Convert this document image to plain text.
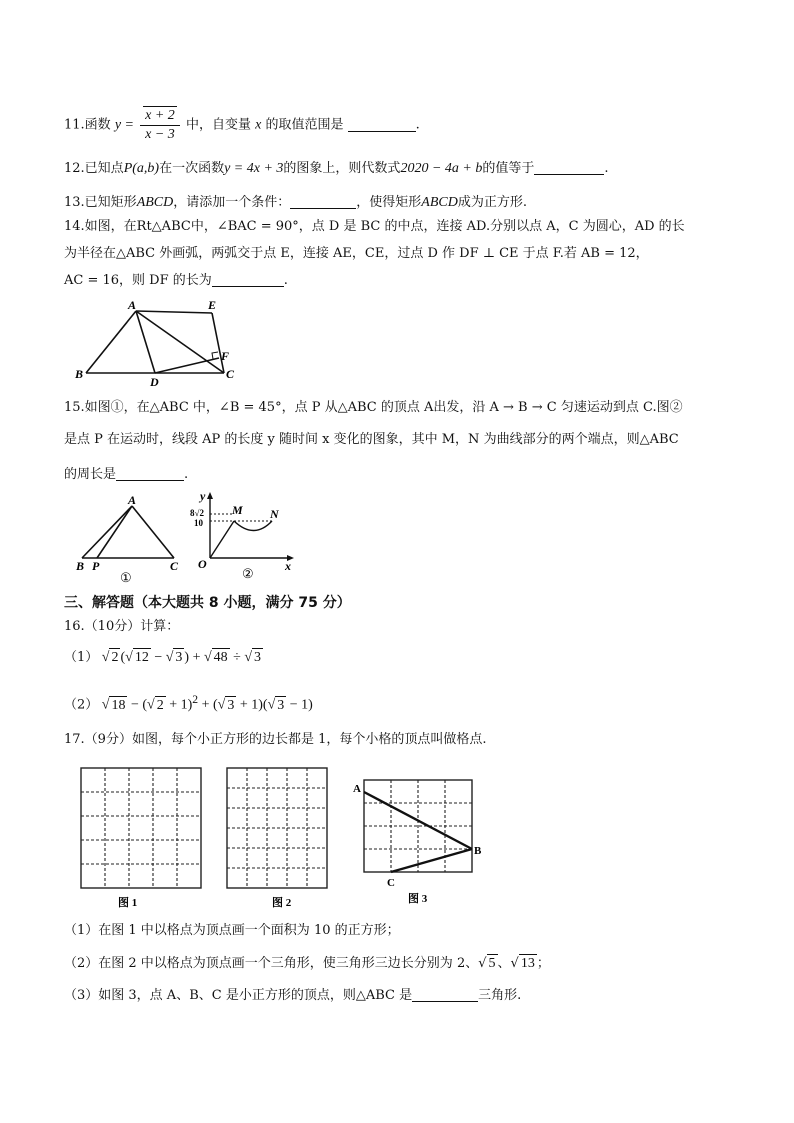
11.函数 $y = \frac{x + 2}{x - 3}$ 中，自变量 x 的取值范围是	.
12.已知点P(a,b)在一次函数y = 4x + 3的图象上，则代数式2020 − 4a + b的值等于	.
13.已知矩形ABCD，请添加一个条件：	，使得矩形ABCD成为正方形.
14.如图，在Rt△ABC中，∠BAC = 90°，点 D 是 BC 的中点，连接 AD.分别以点 A，C 为圆心，AD 的长
为半径在△ABC 外画弧，两弧交于点 E，连接 AE，CE，过点 D 作 DF ⊥ CE 于点 F.若 AB = 12，
AC = 16，则 DF 的长为	.
A	E
F
B
D
C
15.如图①，在△ABC 中，∠B = 45°，点 P 从△ABC 的顶点 A出发，沿 A → B → C 匀速运动到点 C.图②
是点 P 在运动时，线段 AP 的长度 y 随时间 x 变化的图象，其中 M，N 为曲线部分的两个端点，则△ABC
的周长是	.
A
B P	C
①
y
x
O
M N
8√2
10
②
三、解答题（本大题共 8 小题，满分 75 分）
16.（10分）计算：
（1） √ 2 (√ 12 − √ 3 ) + √ 48 ÷ √ 3
（2） √ 18 − (√ 2 + 1)$^2$ + (√ 3 + 1)(√ 3 − 1)
17.（9分）如图，每个小正方形的边长都是 1，每个小格的顶点叫做格点.
图 1	图 2
A
B
C
图 3
（1）在图 1 中以格点为顶点画一个面积为 10 的正方形；
（2）在图 2 中以格点为顶点画一个三角形，使三角形三边长分别为 2、√ 5 、√ 13 ；
（3）如图 3，点 A、B、C 是小正方形的顶点，则△ABC 是	三角形.
